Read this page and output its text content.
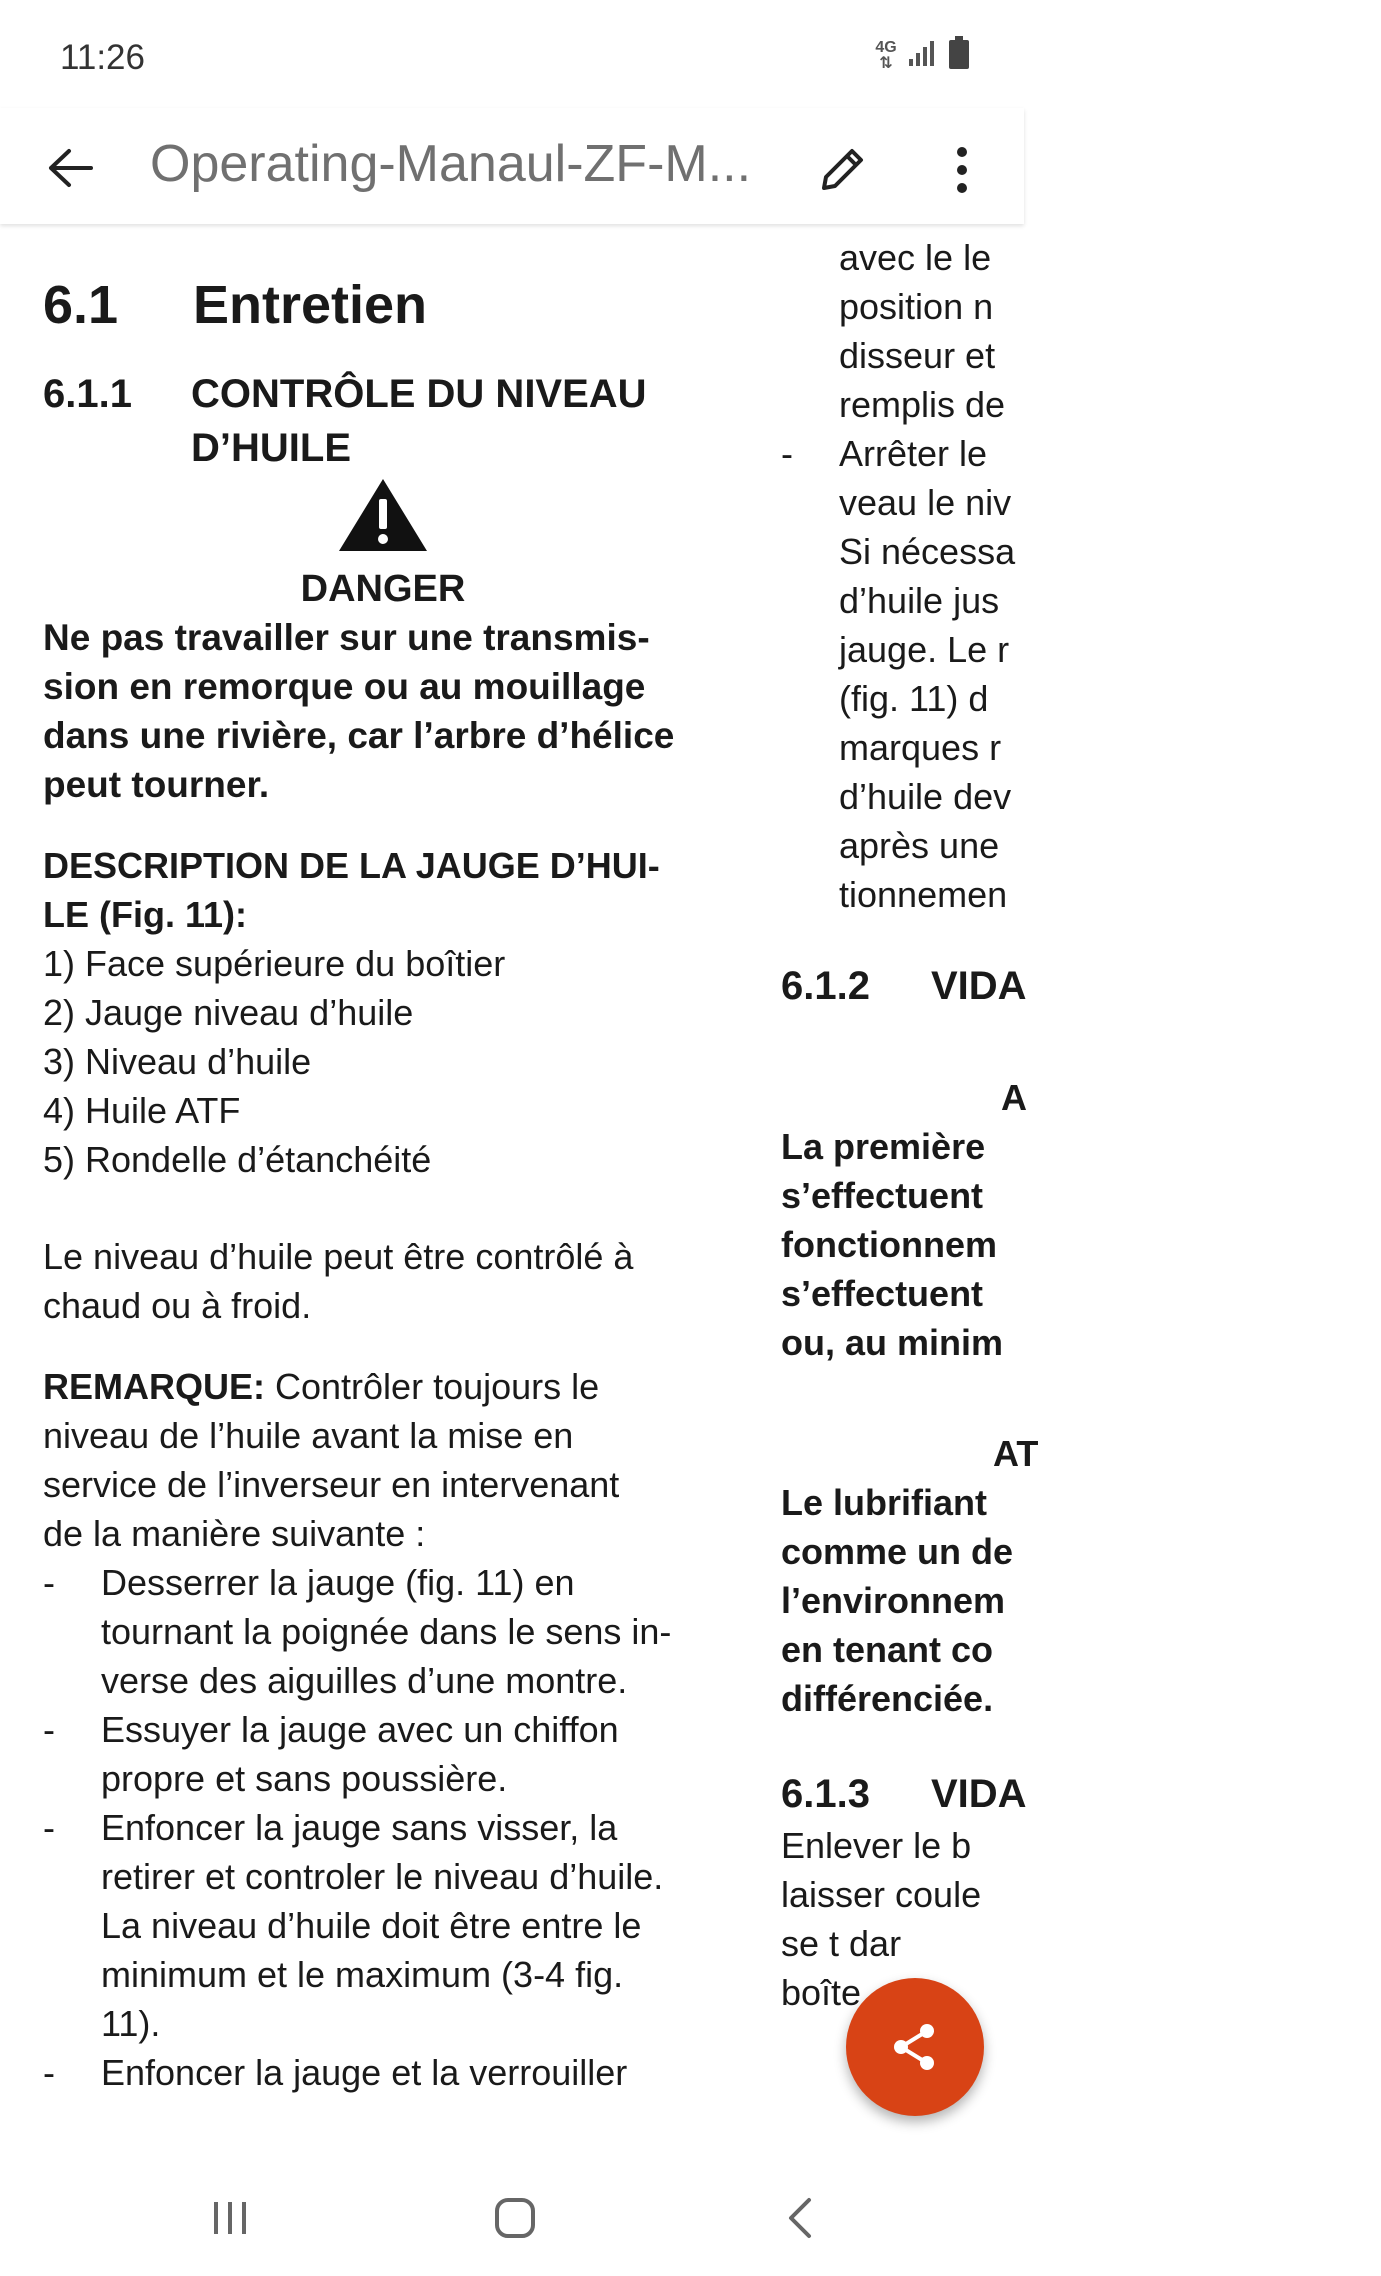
11:26	4G
⇅
Operating-Manaul-ZF-M...

6.1	Entretien
6.1.1	CONTRÔLE DU NIVEAU
D’HUILE
DANGER
Ne pas travailler sur une transmis-
sion en remorque ou au mouillage
dans une rivière, car l’arbre d’hélice
peut tourner.
DESCRIPTION DE LA JAUGE D’HUI-
LE (Fig. 11):
1) Face supérieure du boîtier
2) Jauge niveau d’huile
3) Niveau d’huile
4) Huile ATF
5) Rondelle d’étanchéité
Le niveau d’huile peut être contrôlé à
chaud ou à froid.
REMARQUE: Contrôler toujours le
niveau de l’huile avant la mise en
service de l’inverseur en intervenant
de la manière suivante :
-	Desserrer la jauge (fig. 11) en
tournant la poignée dans le sens in-
verse des aiguilles d’une montre.
-	Essuyer la jauge avec un chiffon
propre et sans poussière.
-	Enfoncer la jauge sans visser, la
retirer et controler le niveau d’huile.
La niveau d’huile doit être entre le
minimum et le maximum (3-4 fig.
11).
-	Enfoncer la jauge et la verrouiller
avec le le
position n
disseur et
remplis de
-	Arrêter le
veau le niv
Si nécessa
d’huile jus
jauge. Le r
(fig. 11) d
marques r
d’huile dev
après une
tionnemen
6.1.2	VIDA
A
La première
s’effectuent
fonctionnem
s’effectuent
ou, au minim
AT
Le lubrifiant
comme un de
l’environnem
en tenant co
différenciée.
6.1.3	VIDA
Enlever le b
laisser coule
se t dar
boîte
